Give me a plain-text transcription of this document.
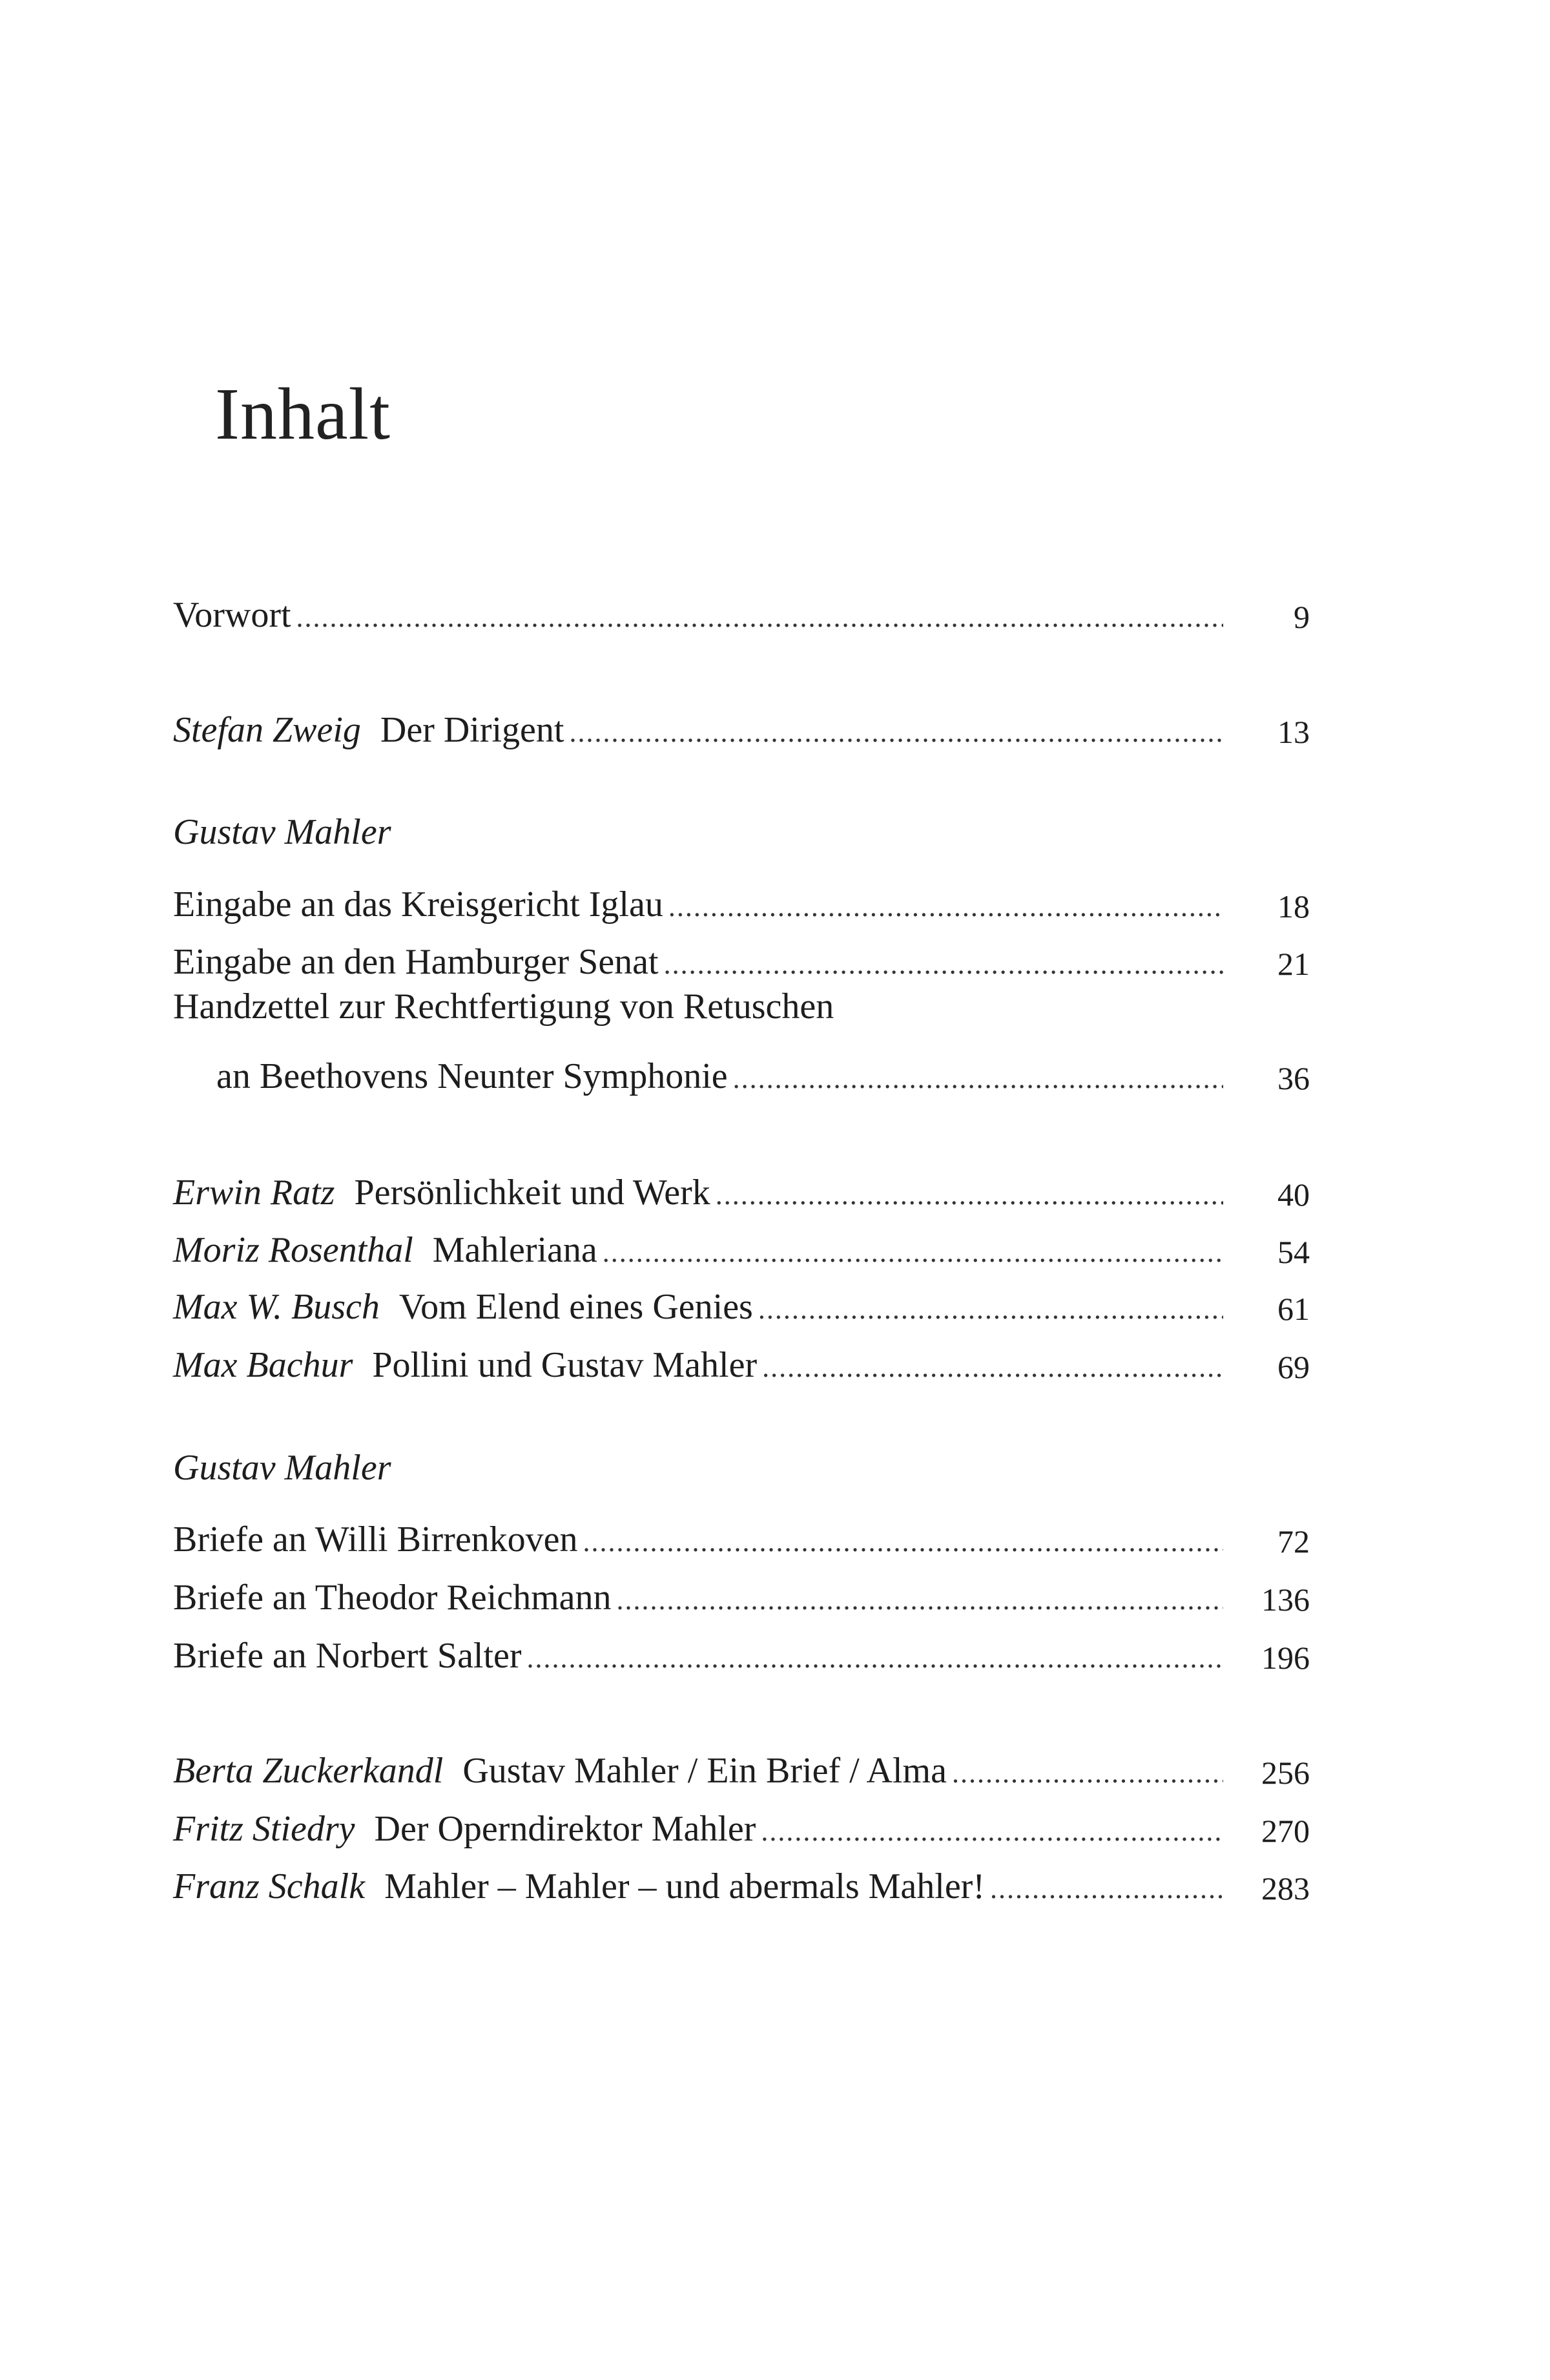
Inhalt
Vorwort .....	9
Stefan Zweig Der Dirigent .....	13
Gustav Mahler
Eingabe an das Kreisgericht Iglau .....	18
Eingabe an den Hamburger Senat .....	21
Handzettel zur Rechtfertigung von Retuschen
an Beethovens Neunter Symphonie .....	36
Erwin Ratz Persönlichkeit und Werk .....	40
Moriz Rosenthal Mahleriana .....	54
Max W. Busch Vom Elend eines Genies .....	61
Max Bachur Pollini und Gustav Mahler .....	69
Gustav Mahler
Briefe an Willi Birrenkoven .....	72
Briefe an Theodor Reichmann .....	136
Briefe an Norbert Salter .....	196
Berta Zuckerkandl Gustav Mahler / Ein Brief / Alma .....	256
Fritz Stiedry Der Operndirektor Mahler .....	270
Franz Schalk Mahler – Mahler – und abermals Mahler! .....	283
